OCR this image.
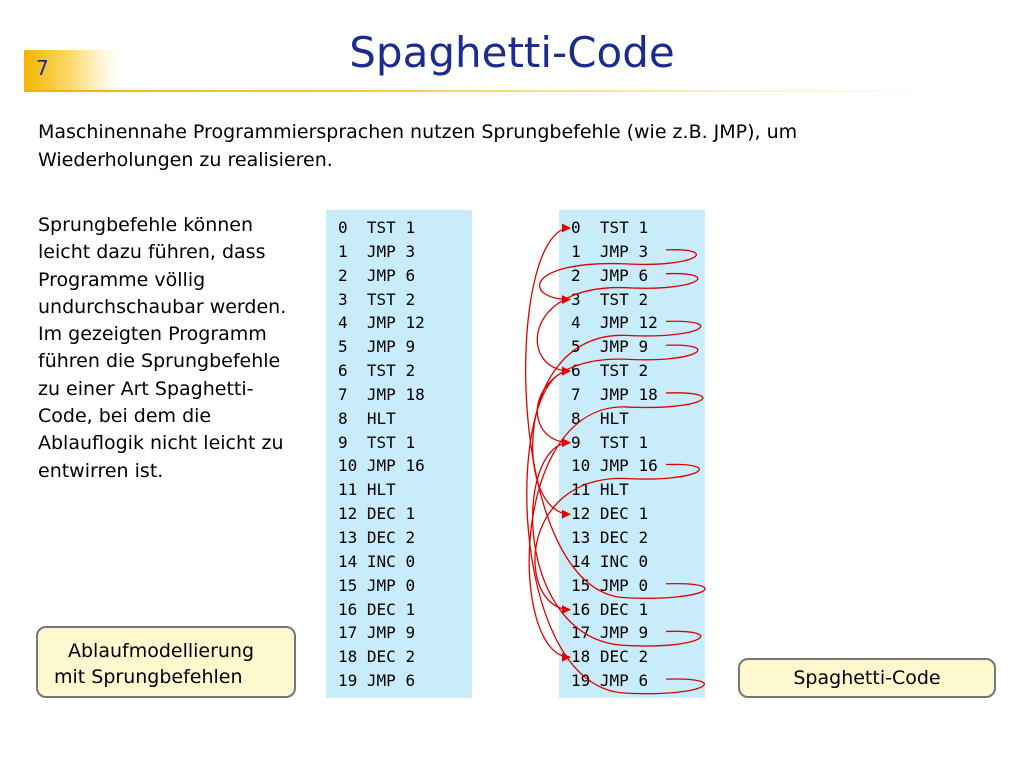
7	Spaghetti-Code
Maschinennahe Programmiersprachen nutzen Sprungbefehle (wie z.B. JMP), um Wiederholungen zu realisieren.
Sprungbefehle können leicht dazu führen, dass Programme völlig undurchschaubar werden. Im gezeigten Programm führen die Sprungbefehle zu einer Art Spaghetti-Code, bei dem die Ablauflogik nicht leicht zu entwirren ist.
0 TST 1
1 JMP 3
2 JMP 6
3 TST 2
4 JMP 12
5 JMP 9
6 TST 2
7 JMP 18
8 HLT
9 TST 1
10 JMP 16
11 HLT
12 DEC 1
13 DEC 2
14 INC 0
15 JMP 0
16 DEC 1
17 JMP 9
18 DEC 2
19 JMP 6
0 TST 1
1 JMP 3
2 JMP 6
3 TST 2
4 JMP 12
5 JMP 9
6 TST 2
7 JMP 18
8 HLT
9 TST 1
10 JMP 16
11 HLT
12 DEC 1
13 DEC 2
14 INC 0
15 JMP 0
16 DEC 1
17 JMP 9
18 DEC 2
19 JMP 6
Ablaufmodellierung
mit Sprungbefehlen	Spaghetti-Code
